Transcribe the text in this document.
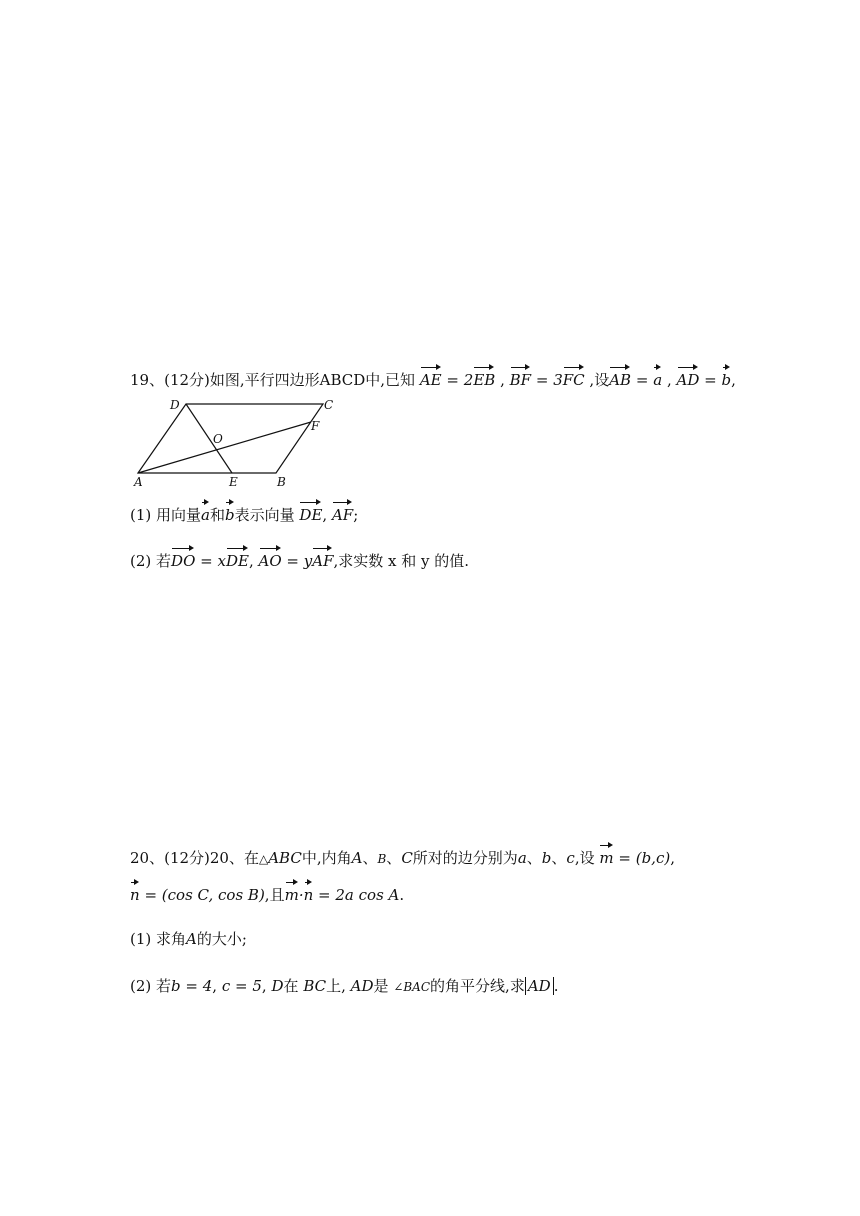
19、(12分)如图,平行四边形ABCD中,已知 AE = 2EB , BF = 3FC ,设AB = a , AD = b,
D	C
F
O
A	E	B
(1) 用向量a和b表示向量 DE, AF;
(2) 若DO = xDE, AO = yAF,求实数 x 和 y 的值.
20、(12分)20、在△ABC中,内角A、B、C所对的边分别为a、b、c,设 m = (b,c),
n = (cos C, cos B),且m·n = 2a cos A.
(1) 求角A的大小;
(2) 若b = 4, c = 5, D在 BC上, AD是 ∠BAC的角平分线,求 AD .
